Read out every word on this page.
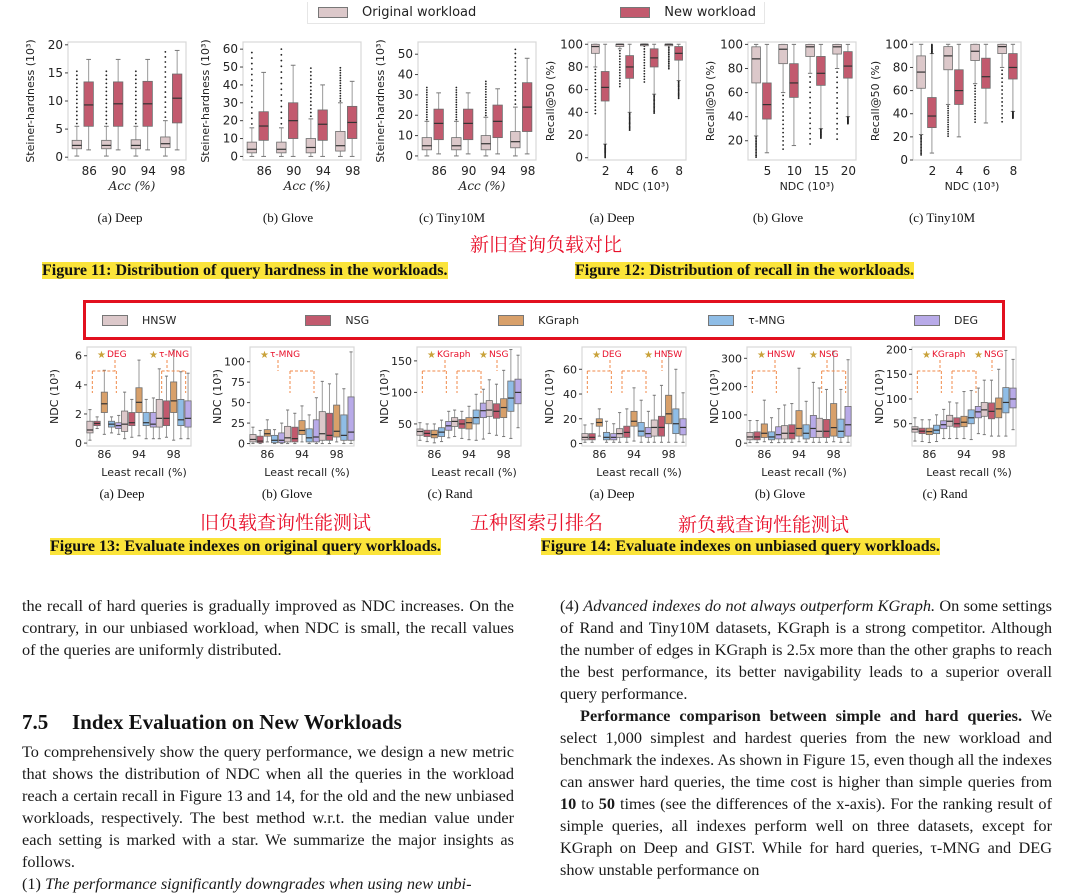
Original workload	New workload
0
5
10
15
20
Steiner-hardness (10³)
Acc (%)
86 90 94 98
0
10
20
30
40
50
60
Steiner-hardness (10³)
Acc (%)
86 90 94 98
0
10
20
30
40
50
Steiner-hardness (10³)
Acc (%)
86 90 94 98
0
20
40
60
80
100
Recall@50 (%)
NDC (10³)
2 4 6 8
20
40
60
80
100
Recall@50 (%)
NDC (10³)
5 10 15 20
0
20
40
60
80
100
Recall@50 (%)
NDC (10³)
2 4 6 8
(a) Deep	(b) Glove	(c) Tiny10M	(a) Deep	(b) Glove	(c) Tiny10M
新旧查询负载对比
Figure 11: Distribution of query hardness in the workloads.	Figure 12: Distribution of recall in the workloads.
HNSW	NSG	KGraph	τ-MNG	DEG
0
2
4
6
NDC (10³)
Least recall (%)
86 94 98
★ DEG ★ τ-MNG
0
25
50
75
100
NDC (10³)
Least recall (%)
86 94 98
★ τ-MNG
50
100
150
NDC (10³)
Least recall (%)
86 94 98
★ KGraph ★ NSG
0
20
40
60
NDC (10³)
Least recall (%)
86 94 98
★ DEG ★ HNSW
0
100
200
300
NDC (10³)
Least recall (%)
86 94 98
★ HNSW ★ NSG
50
100
150
200
NDC (10³)
Least recall (%)
86 94 98
★ KGraph ★ NSG
(a) Deep	(b) Glove	(c) Rand	(a) Deep	(b) Glove	(c) Rand
旧负载查询性能测试	五种图索引排名	新负载查询性能测试
Figure 13: Evaluate indexes on original query workloads.	Figure 14: Evaluate indexes on unbiased query workloads.

the recall of hard queries is gradually improved as NDC increases. On the contrary, in our unbiased workload, when NDC is small, the recall values of the queries are uniformly distributed.

7.5 Index Evaluation on New Workloads

To comprehensively show the query performance, we design a new metric that shows the distribution of NDC when all the queries in the workload reach a certain recall in Figure 13 and 14, for the old and the new unbiased workloads, respectively. The best method w.r.t. the median value under each setting is marked with a star. We summarize the major insights as follows.

(1) The performance significantly downgrades when using new unbi-

(4) Advanced indexes do not always outperform KGraph. On some settings of Rand and Tiny10M datasets, KGraph is a strong competitor. Although the number of edges in KGraph is 2.5x more than the other graphs to reach the best performance, its better navigability leads to a superior overall query performance.

Performance comparison between simple and hard queries. We select 1,000 simplest and hardest queries from the new workload and benchmark the indexes. As shown in Figure 15, even though all the indexes can answer hard queries, the time cost is higher than simple queries from 10 to 50 times (see the differences of the x-axis). For the ranking result of simple queries, all indexes perform well on three datasets, except for KGraph on Deep and GIST. While for hard queries, τ-MNG and DEG show unstable performance on
